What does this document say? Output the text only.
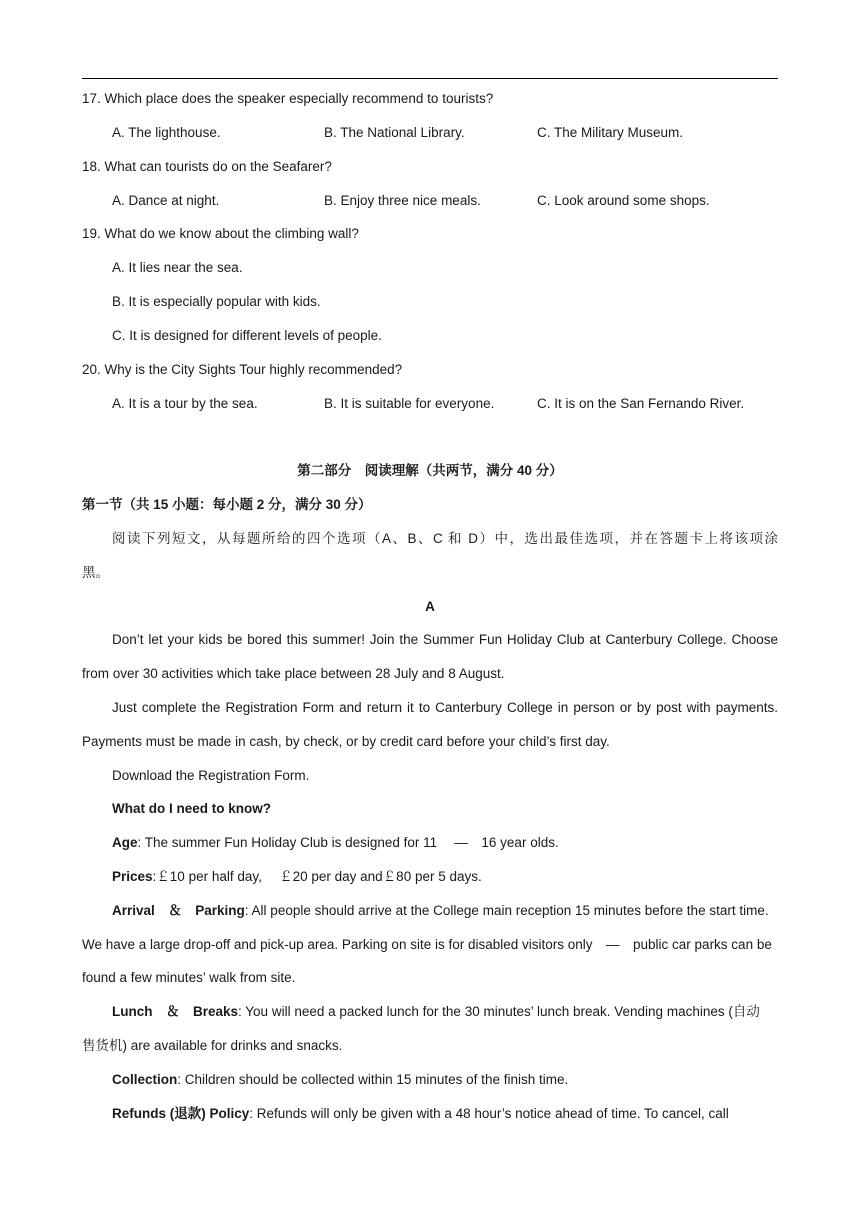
17. Which place does the speaker especially recommend to tourists?
A. The lighthouse.	B. The National Library.	C. The Military Museum.
18. What can tourists do on the Seafarer?
A. Dance at night.	B. Enjoy three nice meals.	C. Look around some shops.
19. What do we know about the climbing wall?
A. It lies near the sea.
B. It is especially popular with kids.
C. It is designed for different levels of people.
20. Why is the City Sights Tour highly recommended?
A. It is a tour by the sea.	B. It is suitable for everyone.	C. It is on the San Fernando River.
第二部分　阅读理解（共两节，满分 40 分）
第一节（共 15 小题：每小题 2 分，满分 30 分）
阅读下列短文，从每题所给的四个选项（A、B、C 和 D）中，选出最佳选项，并在答题卡上将该项涂
黑。
A
Don’t let your kids be bored this summer! Join the Summer Fun Holiday Club at Canterbury College. Choose
from over 30 activities which take place between 28 July and 8 August.
Just complete the Registration Form and return it to Canterbury College in person or by post with payments.
Payments must be made in cash, by check, or by credit card before your child’s first day.
Download the Registration Form.
What do I need to know?
Age: The summer Fun Holiday Club is designed for 11 　—　16 year olds.
Prices:￡10 per half day, 　￡20 per day and￡80 per 5 days.
Arrival　＆　Parking: All people should arrive at the College main reception 15 minutes before the start time.
We have a large drop-off and pick-up area. Parking on site is for disabled visitors only　—　public car parks can be
found a few minutes’ walk from site.
Lunch　＆　Breaks: You will need a packed lunch for the 30 minutes’ lunch break. Vending machines (自动
售货机) are available for drinks and snacks.
Collection: Children should be collected within 15 minutes of the finish time.
Refunds (退款) Policy: Refunds will only be given with a 48 hour’s notice ahead of time. To cancel, call
